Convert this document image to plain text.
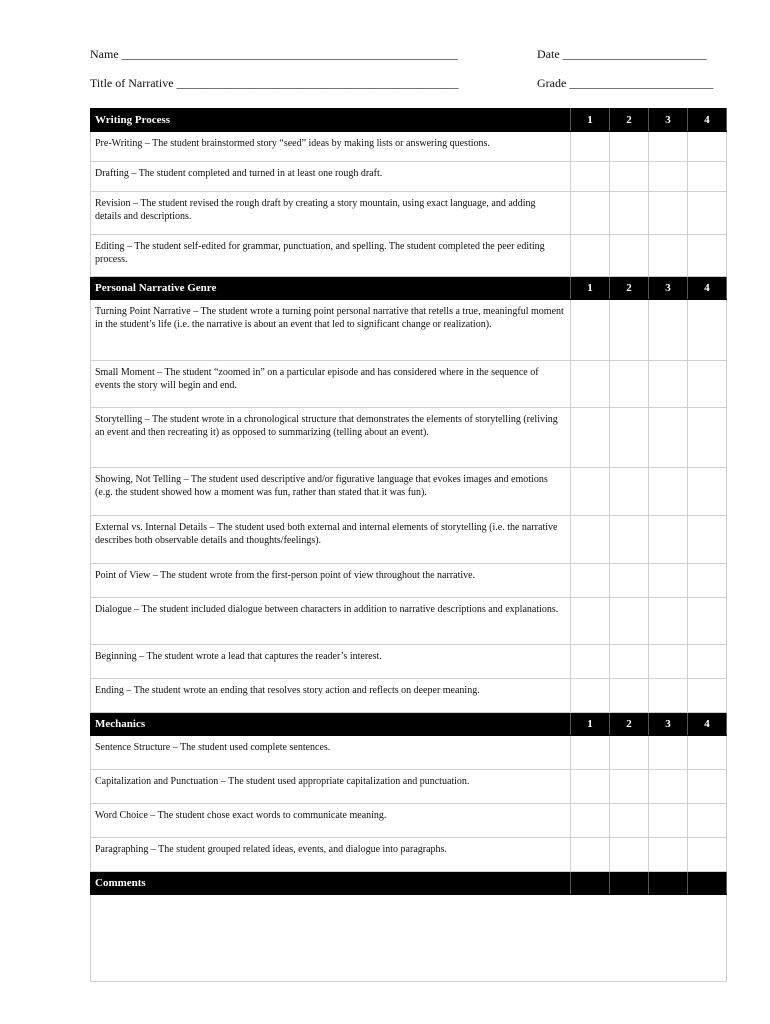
Name ________________________________________________________	Date ________________________
Title of Narrative _______________________________________________	Grade ________________________
Writing Process	1	2	3	4
Pre-Writing – The student brainstormed story “seed” ideas by making lists or answering questions.				
Drafting – The student completed and turned in at least one rough draft.				
Revision – The student revised the rough draft by creating a story mountain, using exact language, and adding details and descriptions.				
Editing – The student self-edited for grammar, punctuation, and spelling. The student completed the peer editing process.				
Personal Narrative Genre	1	2	3	4
Turning Point Narrative – The student wrote a turning point personal narrative that retells a true, meaningful moment in the student’s life (i.e. the narrative is about an event that led to significant change or realization).				
Small Moment – The student “zoomed in” on a particular episode and has considered where in the sequence of events the story will begin and end.				
Storytelling – The student wrote in a chronological structure that demonstrates the elements of storytelling (reliving an event and then recreating it) as opposed to summarizing (telling about an event).				
Showing, Not Telling – The student used descriptive and/or figurative language that evokes images and emotions (e.g. the student showed how a moment was fun, rather than stated that it was fun).				
External vs. Internal Details – The student used both external and internal elements of storytelling (i.e. the narrative describes both observable details and thoughts/feelings).				
Point of View – The student wrote from the first-person point of view throughout the narrative.				
Dialogue – The student included dialogue between characters in addition to narrative descriptions and explanations.				
Beginning – The student wrote a lead that captures the reader’s interest.				
Ending – The student wrote an ending that resolves story action and reflects on deeper meaning.				
Mechanics	1	2	3	4
Sentence Structure – The student used complete sentences.				
Capitalization and Punctuation – The student used appropriate capitalization and punctuation.				
Word Choice – The student chose exact words to communicate meaning.				
Paragraphing – The student grouped related ideas, events, and dialogue into paragraphs.				
Comments				
